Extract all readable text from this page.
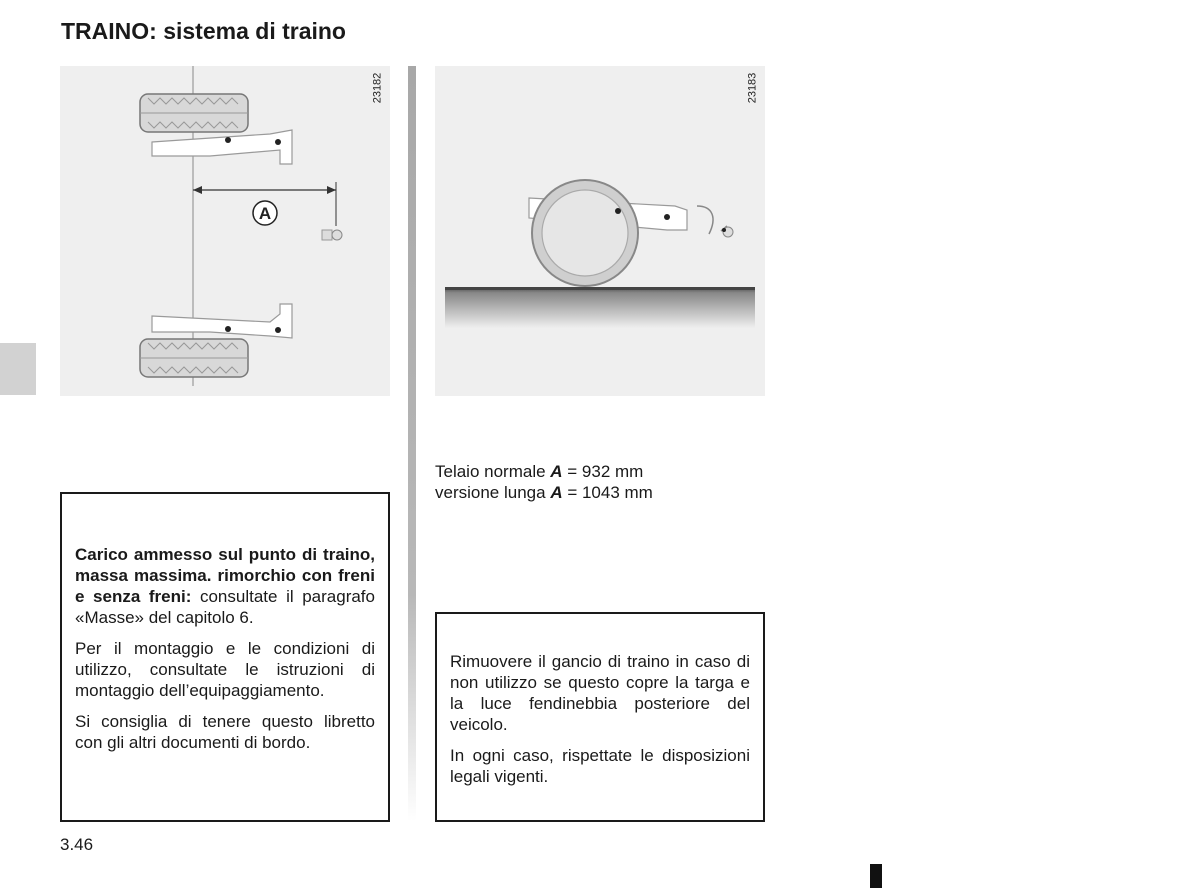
TRAINO: sistema di traino
A
23182	23183
Telaio normale A = 932 mm
versione lunga A = 1043 mm

Carico ammesso sul punto di traino, massa massima. rimorchio con freni e senza freni: consultate il paragrafo «Masse» del capitolo 6.

Per il montaggio e le condizioni di utilizzo, consultate le istruzioni di montaggio dell’equipaggiamento.

Si consiglia di tenere questo libretto con gli altri documenti di bordo.

Rimuovere il gancio di traino in caso di non utilizzo se questo copre la targa e la luce fendinebbia posteriore del veicolo.

In ogni caso, rispettate le disposizioni legali vigenti.

3.46
